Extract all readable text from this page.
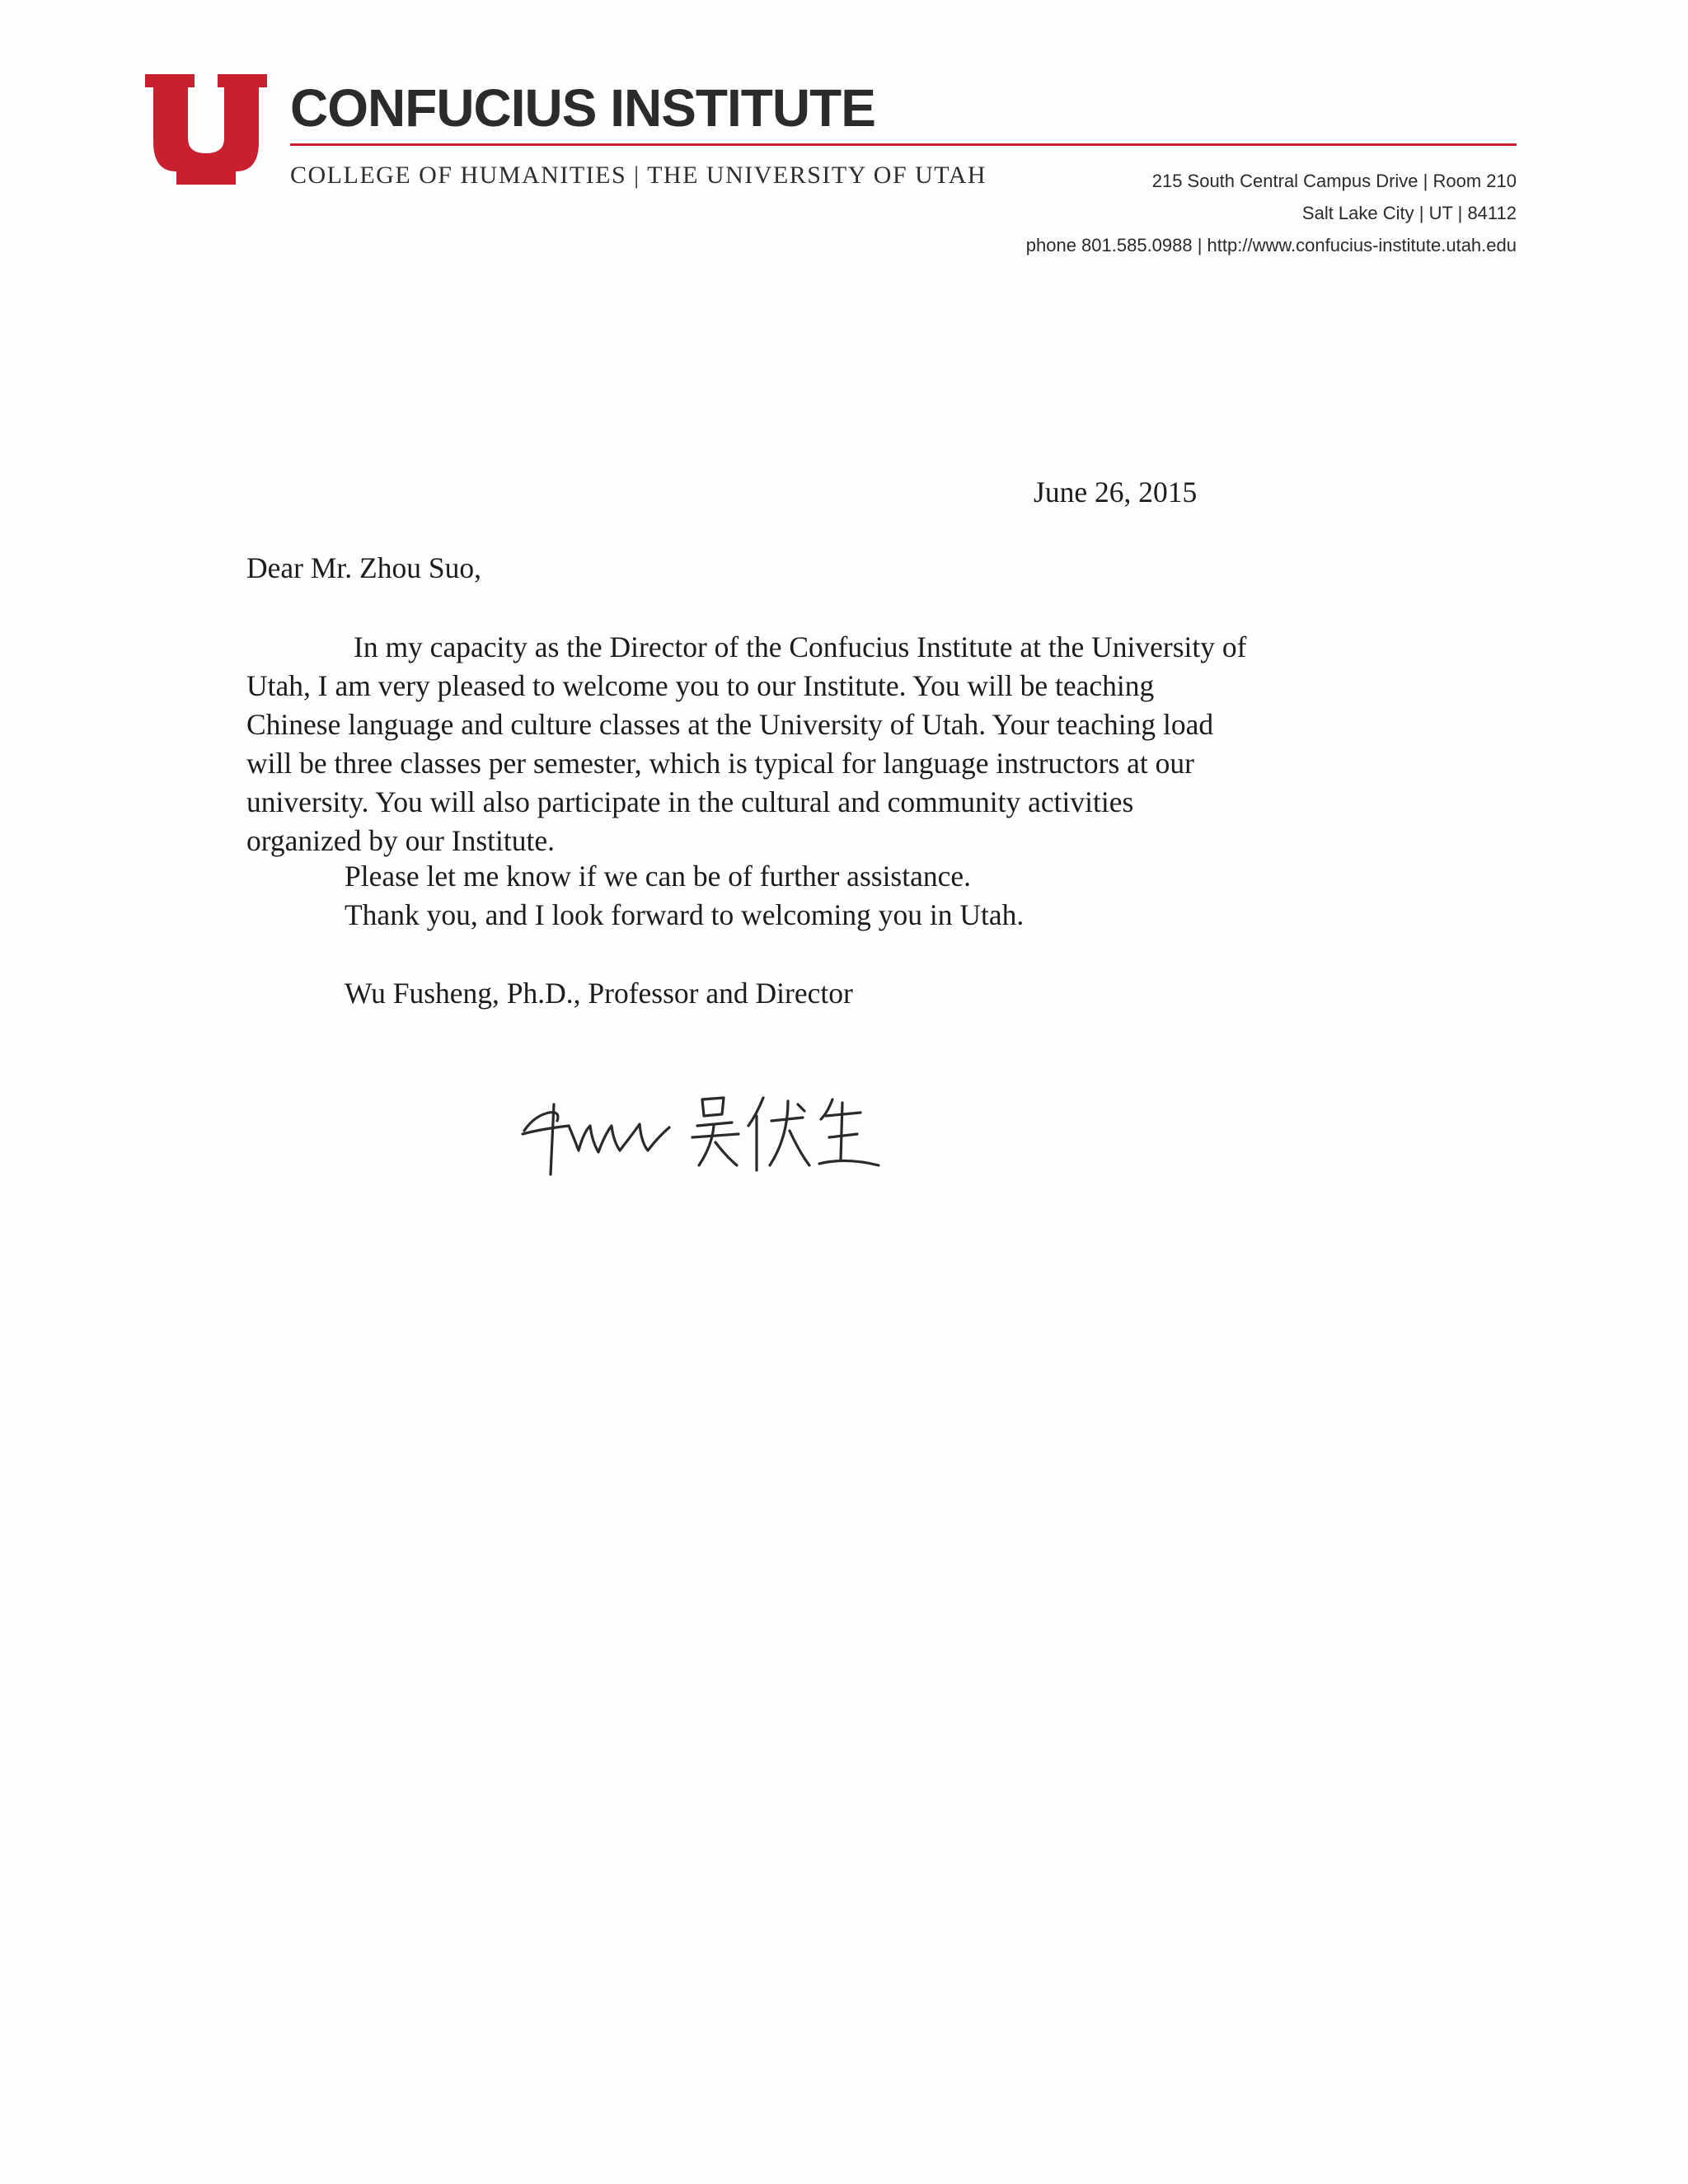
CONFUCIUS INSTITUTE
COLLEGE OF HUMANITIES | THE UNIVERSITY OF UTAH	215 South Central Campus Drive | Room 210
Salt Lake City | UT | 84112
phone 801.585.0988 | http://www.confucius-institute.utah.edu
June 26, 2015
Dear Mr. Zhou Suo,

In my capacity as the Director of the Confucius Institute at the University of
Utah, I am very pleased to welcome you to our Institute. You will be teaching
Chinese language and culture classes at the University of Utah. Your teaching load
will be three classes per semester, which is typical for language instructors at our
university. You will also participate in the cultural and community activities
organized by our Institute.

Please let me know if we can be of further assistance.
Thank you, and I look forward to welcoming you in Utah.
Wu Fusheng, Ph.D., Professor and Director
